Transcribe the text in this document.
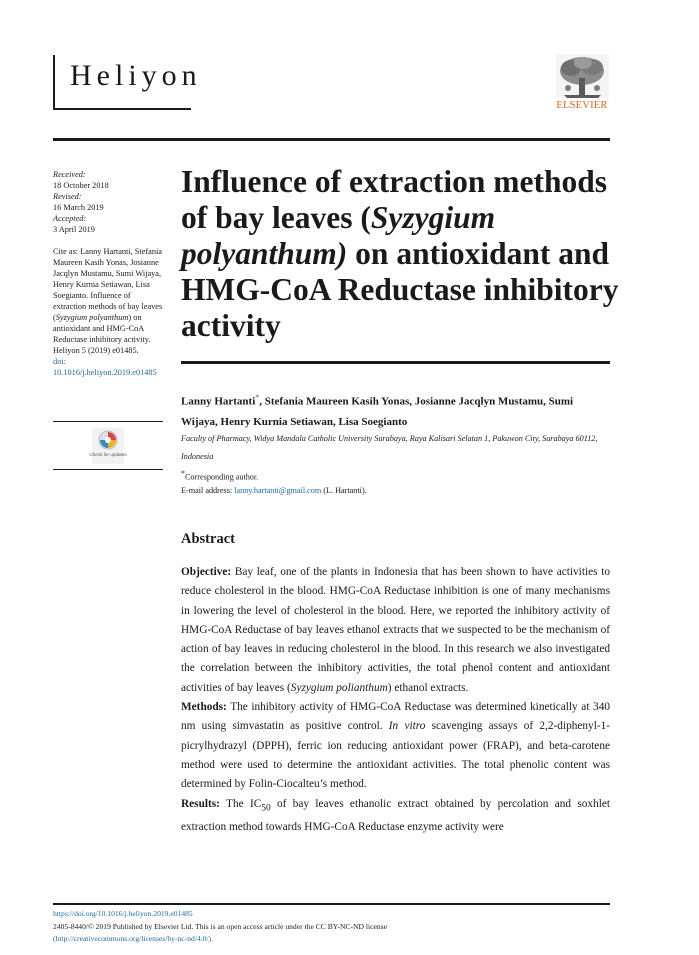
Heliyon
ELSEVIER
Received:
18 October 2018
Revised:
16 March 2019
Accepted:
3 April 2019
Cite as: Lanny Hartanti, Stefania Maureen Kasih Yonas, Josianne Jacqlyn Mustamu, Sumi Wijaya, Henry Kurnia Setiawan, Lisa Soegianto. Influence of extraction methods of bay leaves (Syzygium polyanthum) on antioxidant and HMG-CoA Reductase inhibitory activity. Heliyon 5 (2019) e01485.
doi: 10.1016/j.heliyon.2019.e01485
Check for updates
Influence of extraction methods of bay leaves (Syzygium polyanthum) on antioxidant and HMG-CoA Reductase inhibitory activity
Lanny Hartanti*, Stefania Maureen Kasih Yonas, Josianne Jacqlyn Mustamu, Sumi Wijaya, Henry Kurnia Setiawan, Lisa Soegianto
Faculty of Pharmacy, Widya Mandala Catholic University Surabaya, Raya Kalisari Selatan 1, Pakuwon City, Surabaya 60112, Indonesia
*Corresponding author.
E-mail address: lanny.hartanti@gmail.com (L. Hartanti).
Abstract
Objective: Bay leaf, one of the plants in Indonesia that has been shown to have activities to reduce cholesterol in the blood. HMG-CoA Reductase inhibition is one of many mechanisms in lowering the level of cholesterol in the blood. Here, we reported the inhibitory activity of HMG-CoA Reductase of bay leaves ethanol extracts that we suspected to be the mechanism of action of bay leaves in reducing cholesterol in the blood. In this research we also investigated the correlation between the inhibitory activities, the total phenol content and antioxidant activities of bay leaves (Syzygium polianthum) ethanol extracts.
Methods: The inhibitory activity of HMG-CoA Reductase was determined kinetically at 340 nm using simvastatin as positive control. In vitro scavenging assays of 2,2-diphenyl-1-picrylhydrazyl (DPPH), ferric ion reducing antioxidant power (FRAP), and beta-carotene method were used to determine the antioxidant activities. The total phenolic content was determined by Folin-Ciocalteu’s method.
Results: The $IC_{50}$ of bay leaves ethanolic extract obtained by percolation and soxhlet extraction method towards HMG-CoA Reductase enzyme activity were
https://doi.org/10.1016/j.heliyon.2019.e01485
2405-8440/© 2019 Published by Elsevier Ltd. This is an open access article under the CC BY-NC-ND license
(http://creativecommons.org/licenses/by-nc-nd/4.0/).
